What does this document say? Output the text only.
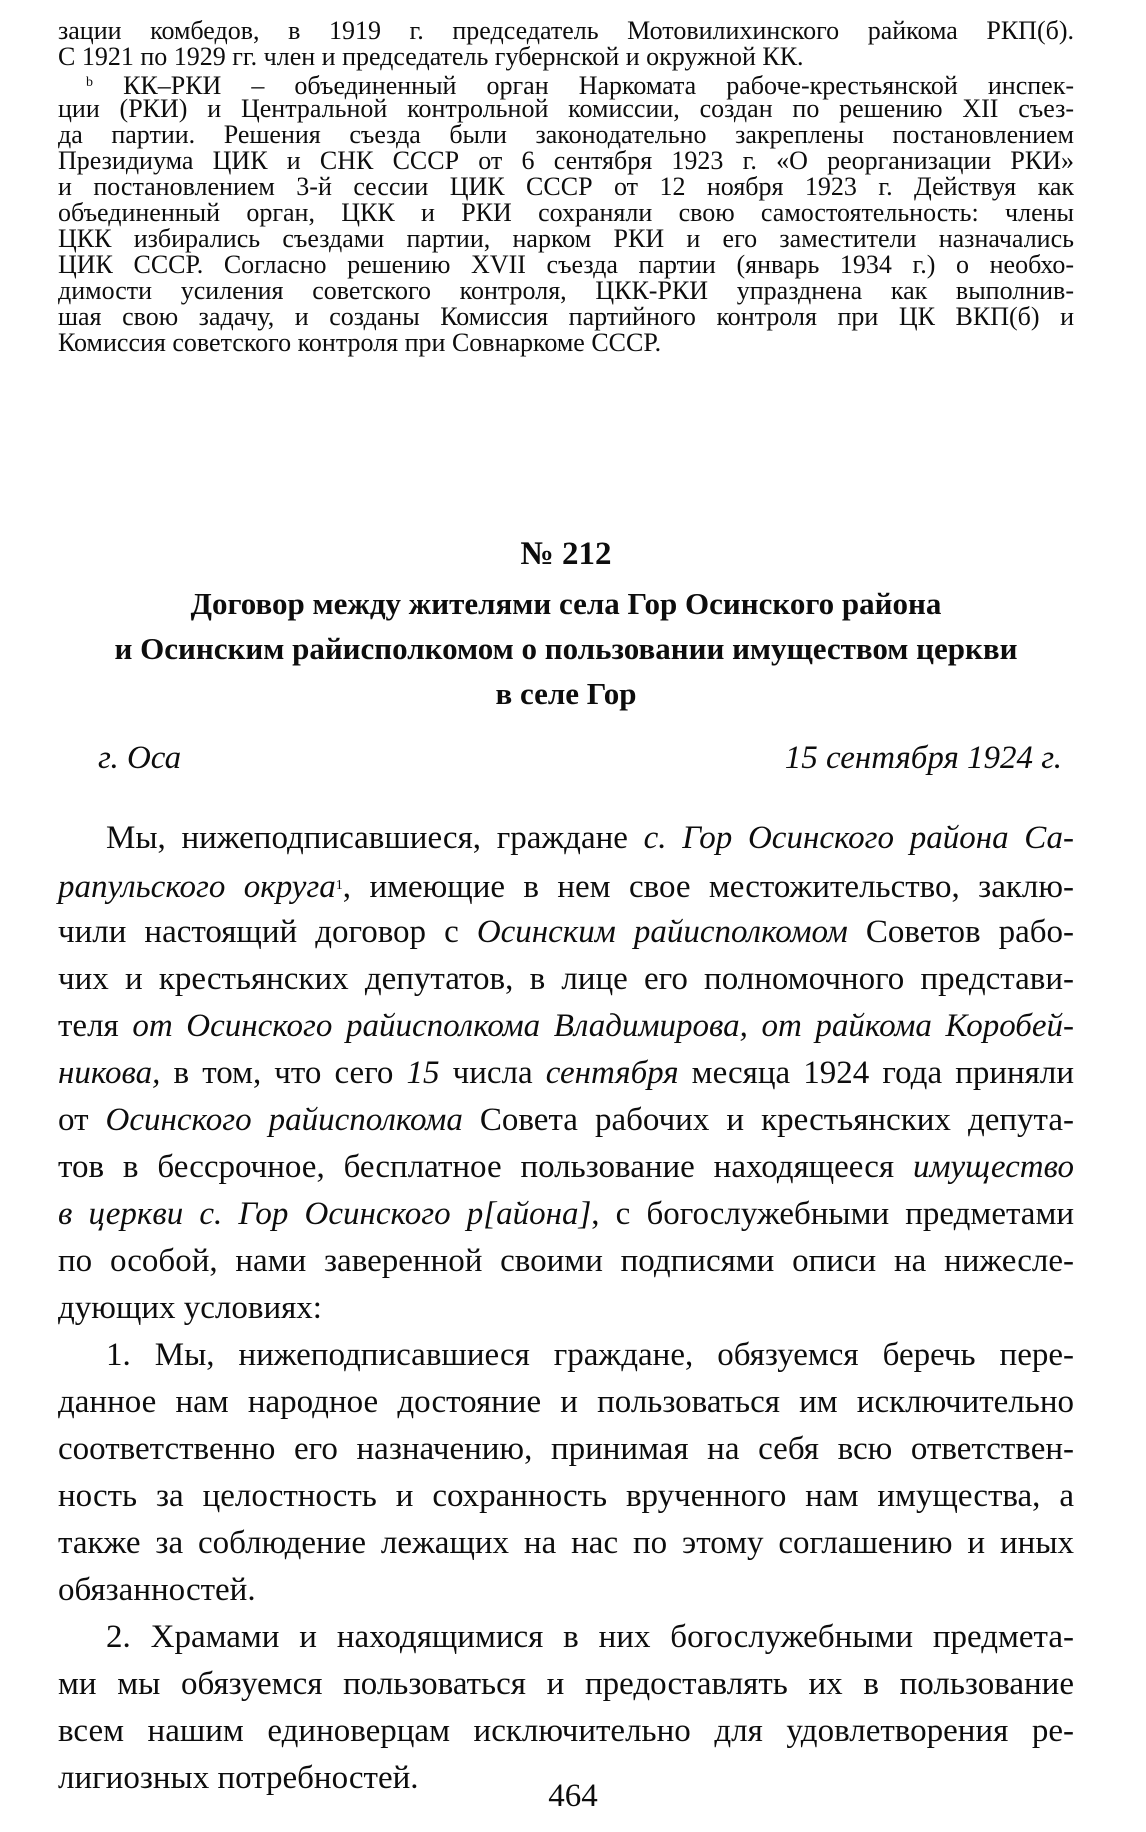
зации комбедов, в 1919 г. председатель Мотовилихинского райкома РКП(б).
С 1921 по 1929 гг. член и председатель губернской и окружной КК.
$^b$ КК–РКИ – объединенный орган Наркомата рабоче-крестьянской инспек-
ции (РКИ) и Центральной контрольной комиссии, создан по решению XII съез-
да партии. Решения съезда были законодательно закреплены постановлением
Президиума ЦИК и СНК СССР от 6 сентября 1923 г. «О реорганизации РКИ»
и постановлением 3-й сессии ЦИК СССР от 12 ноября 1923 г. Действуя как
объединенный орган, ЦКК и РКИ сохраняли свою самостоятельность: члены
ЦКК избирались съездами партии, нарком РКИ и его заместители назначались
ЦИК СССР. Согласно решению XVII съезда партии (январь 1934 г.) о необхо-
димости усиления советского контроля, ЦКК-РКИ упразднена как выполнив-
шая свою задачу, и созданы Комиссия партийного контроля при ЦК ВКП(б) и
Комиссия советского контроля при Совнаркоме СССР.
№ 212
Договор между жителями села Гор Осинского района
и Осинским райисполкомом о пользовании имуществом церкви
в селе Гор
г. Оса	15 сентября 1924 г.
Мы, нижеподписавшиеся, граждане с. Гор Осинского района Са-
рапульского округа$^1$, имеющие в нем свое местожительство, заклю-
чили настоящий договор с Осинским райисполкомом Советов рабо-
чих и крестьянских депутатов, в лице его полномочного представи-
теля от Осинского райисполкома Владимирова, от райкома Коробей-
никова, в том, что сего 15 числа сентября месяца 1924 года приняли
от Осинского райисполкома Совета рабочих и крестьянских депута-
тов в бессрочное, бесплатное пользование находящееся имущество
в церкви с. Гор Осинского р[айона], с богослужебными предметами
по особой, нами заверенной своими подписями описи на нижесле-
дующих условиях:
1. Мы, нижеподписавшиеся граждане, обязуемся беречь пере-
данное нам народное достояние и пользоваться им исключительно
соответственно его назначению, принимая на себя всю ответствен-
ность за целостность и сохранность врученного нам имущества, а
также за соблюдение лежащих на нас по этому соглашению и иных
обязанностей.
2. Храмами и находящимися в них богослужебными предмета-
ми мы обязуемся пользоваться и предоставлять их в пользование
всем нашим единоверцам исключительно для удовлетворения ре-
лигиозных потребностей.	464
